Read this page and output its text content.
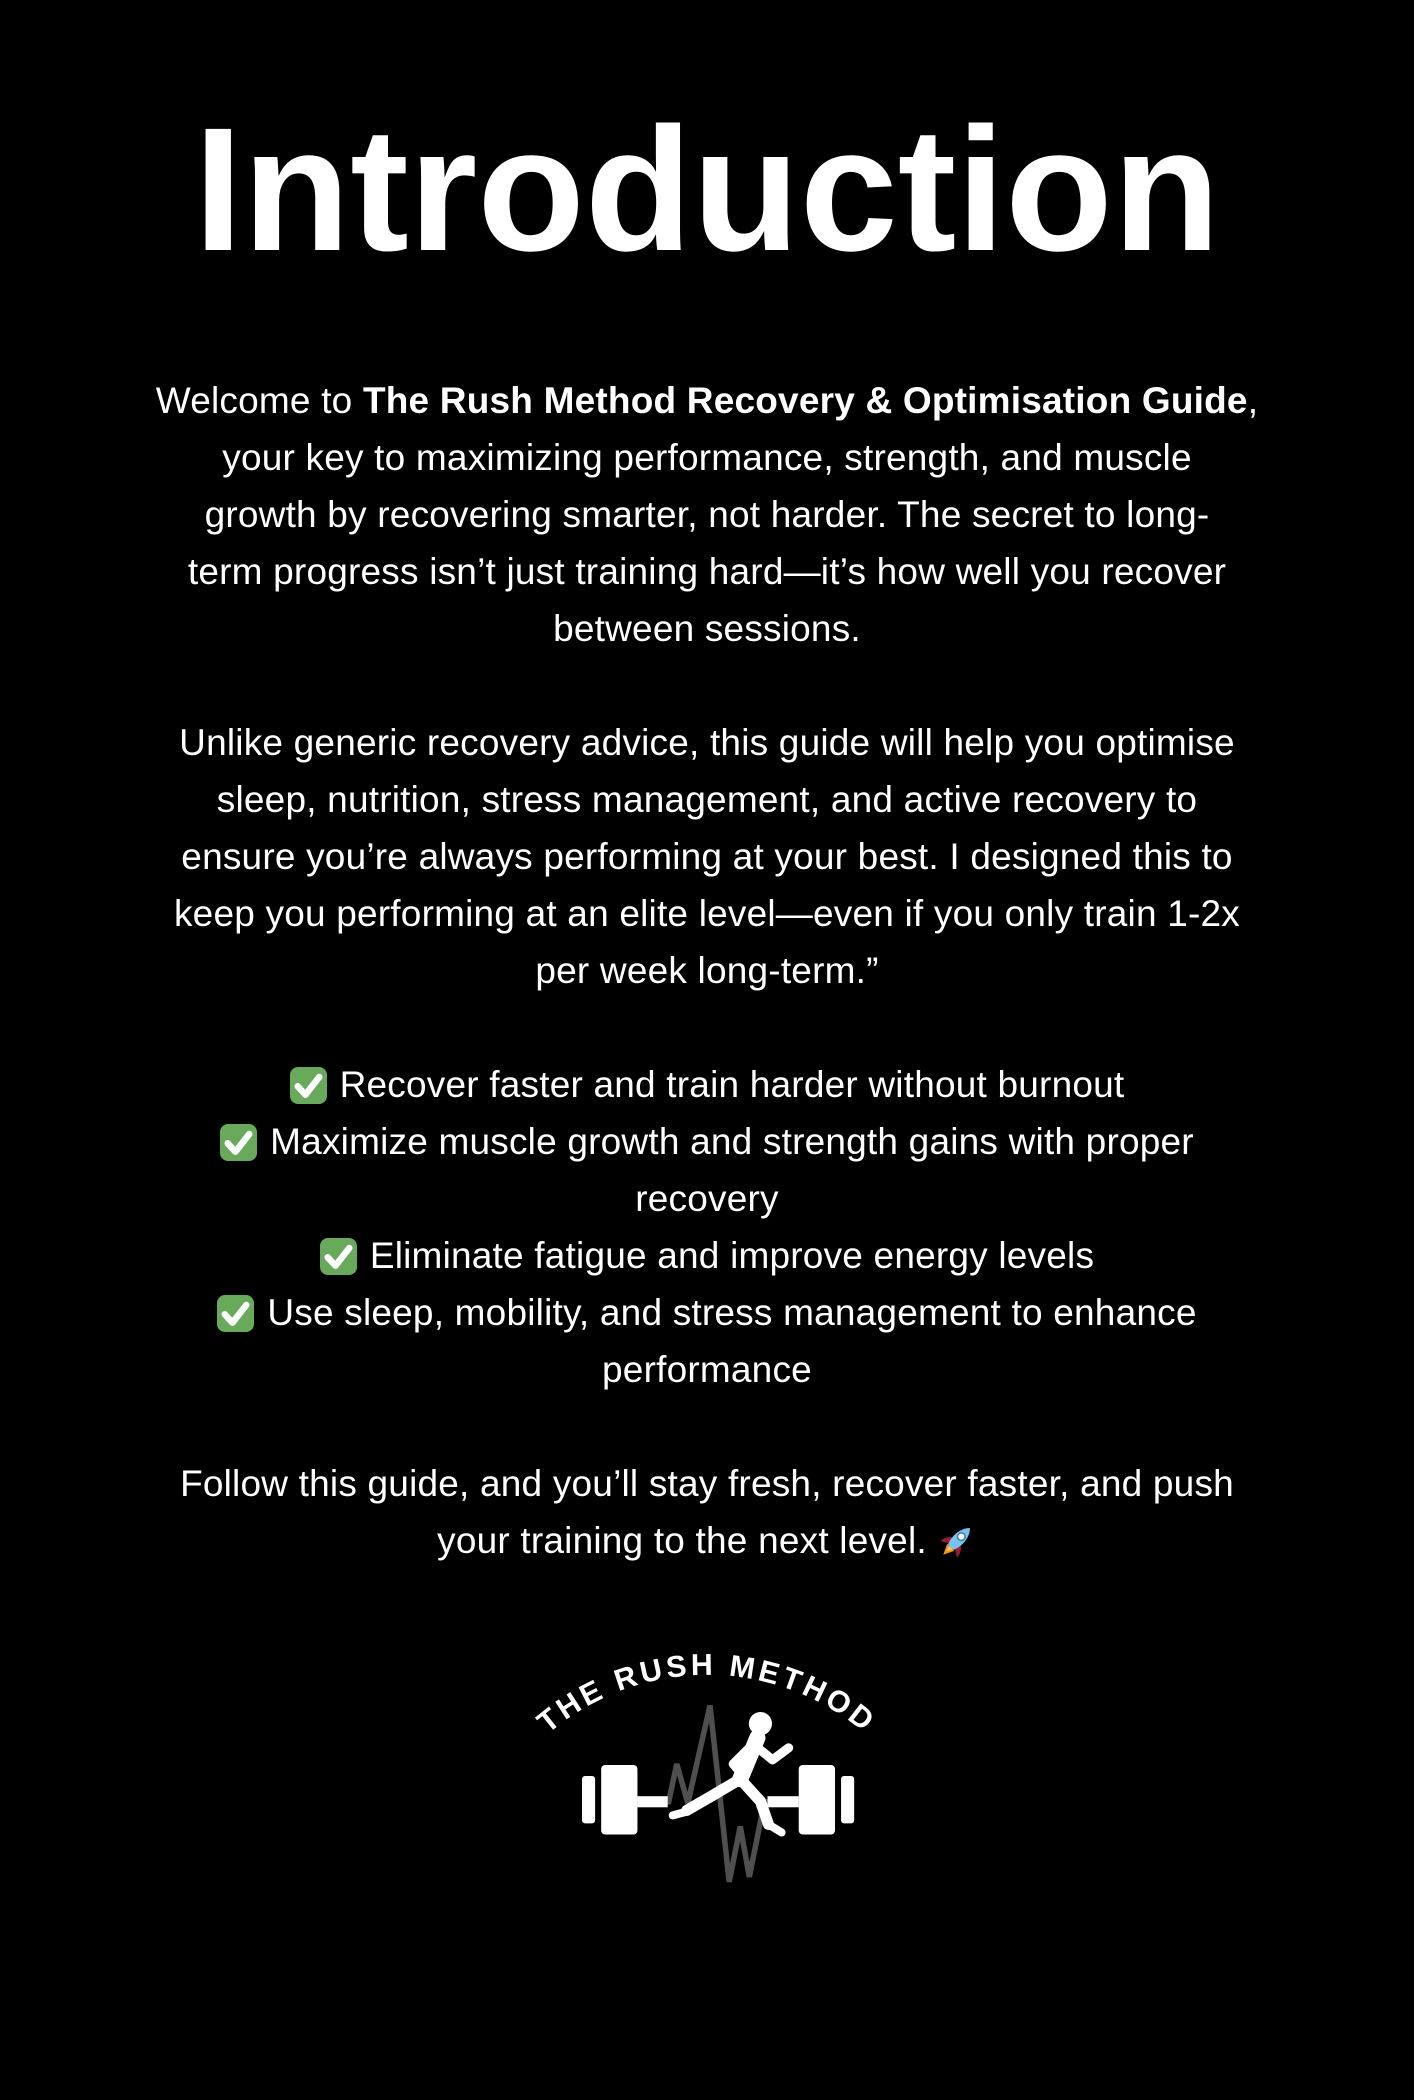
Introduction
Welcome to The Rush Method Recovery & Optimisation Guide,
your key to maximizing performance, strength, and muscle
growth by recovering smarter, not harder. The secret to long-
term progress isn’t just training hard—it’s how well you recover
between sessions.
Unlike generic recovery advice, this guide will help you optimise
sleep, nutrition, stress management, and active recovery to
ensure you’re always performing at your best. I designed this to
keep you performing at an elite level—even if you only train 1-2x
per week long-term.”
Recover faster and train harder without burnout
Maximize muscle growth and strength gains with proper
recovery
Eliminate fatigue and improve energy levels
Use sleep, mobility, and stress management to enhance
performance
Follow this guide, and you’ll stay fresh, recover faster, and push
your training to the next level.
THE RUSH METHOD
